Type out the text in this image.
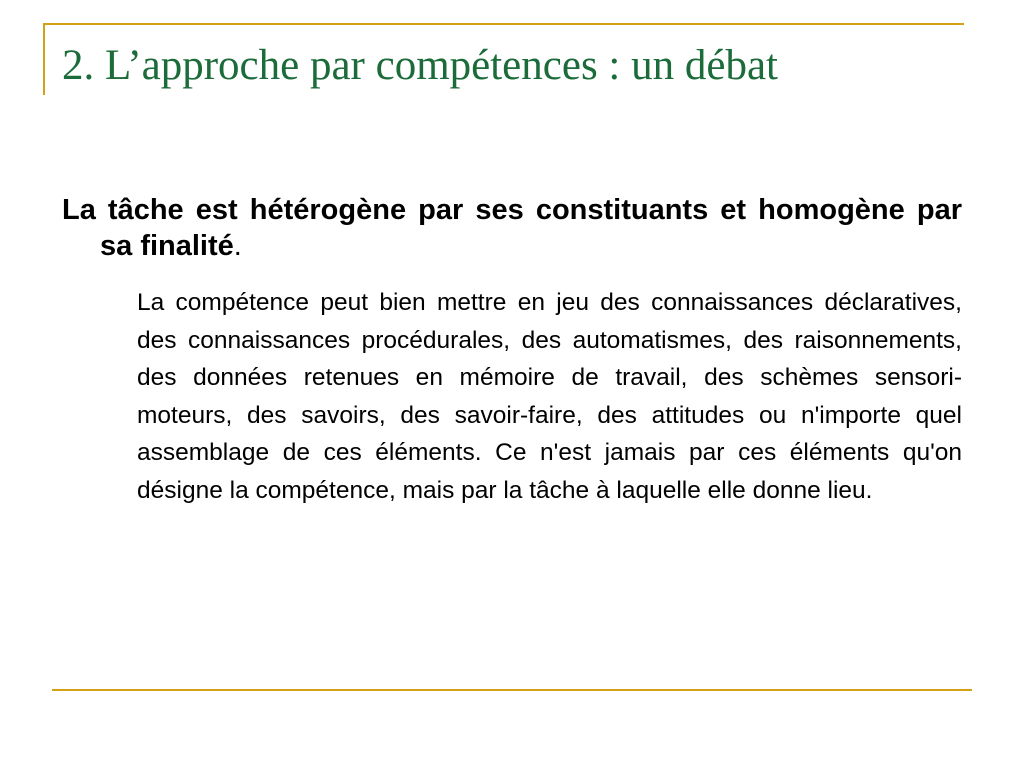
2. L’approche par compétences : un débat

La tâche est hétérogène par ses constituants et homogène par sa finalité.

La compétence peut bien mettre en jeu des connaissances déclaratives, des connaissances procédurales, des automatismes, des raisonnements, des données retenues en mémoire de travail, des schèmes sensori-moteurs, des savoirs, des savoir-faire, des attitudes ou n'importe quel assemblage de ces éléments. Ce n'est jamais par ces éléments qu'on désigne la compétence, mais par la tâche à laquelle elle donne lieu.
